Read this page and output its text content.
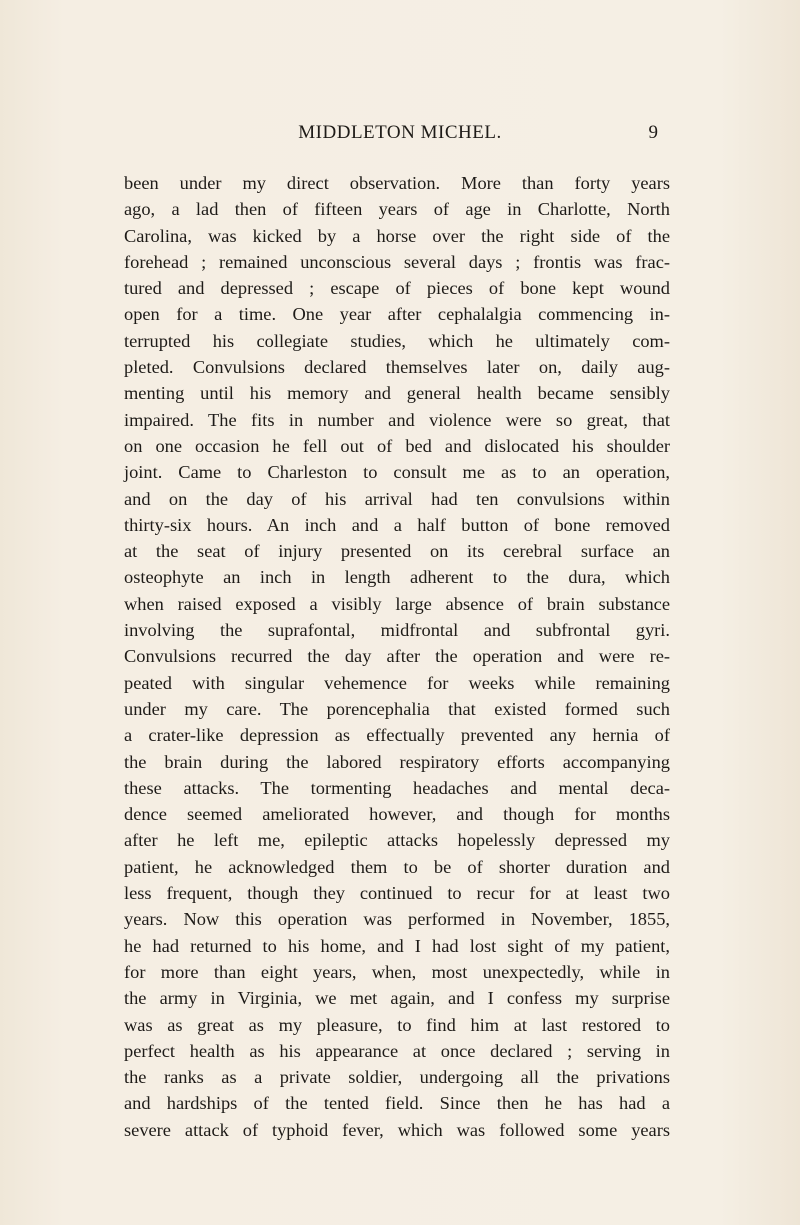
MIDDLETON MICHEL.	9
been under my direct observation. More than forty years
ago, a lad then of fifteen years of age in Charlotte, North
Carolina, was kicked by a horse over the right side of the
forehead ; remained unconscious several days ; frontis was frac-
tured and depressed ; escape of pieces of bone kept wound
open for a time. One year after cephalalgia commencing in-
terrupted his collegiate studies, which he ultimately com-
pleted. Convulsions declared themselves later on, daily aug-
menting until his memory and general health became sensibly
impaired. The fits in number and violence were so great, that
on one occasion he fell out of bed and dislocated his shoulder
joint. Came to Charleston to consult me as to an operation,
and on the day of his arrival had ten convulsions within
thirty-six hours. An inch and a half button of bone removed
at the seat of injury presented on its cerebral surface an
osteophyte an inch in length adherent to the dura, which
when raised exposed a visibly large absence of brain substance
involving the suprafontal, midfrontal and subfrontal gyri.
Convulsions recurred the day after the operation and were re-
peated with singular vehemence for weeks while remaining
under my care. The porencephalia that existed formed such
a crater-like depression as effectually prevented any hernia of
the brain during the labored respiratory efforts accompanying
these attacks. The tormenting headaches and mental deca-
dence seemed ameliorated however, and though for months
after he left me, epileptic attacks hopelessly depressed my
patient, he acknowledged them to be of shorter duration and
less frequent, though they continued to recur for at least two
years. Now this operation was performed in November, 1855,
he had returned to his home, and I had lost sight of my patient,
for more than eight years, when, most unexpectedly, while in
the army in Virginia, we met again, and I confess my surprise
was as great as my pleasure, to find him at last restored to
perfect health as his appearance at once declared ; serving in
the ranks as a private soldier, undergoing all the privations
and hardships of the tented field. Since then he has had a
severe attack of typhoid fever, which was followed some years
